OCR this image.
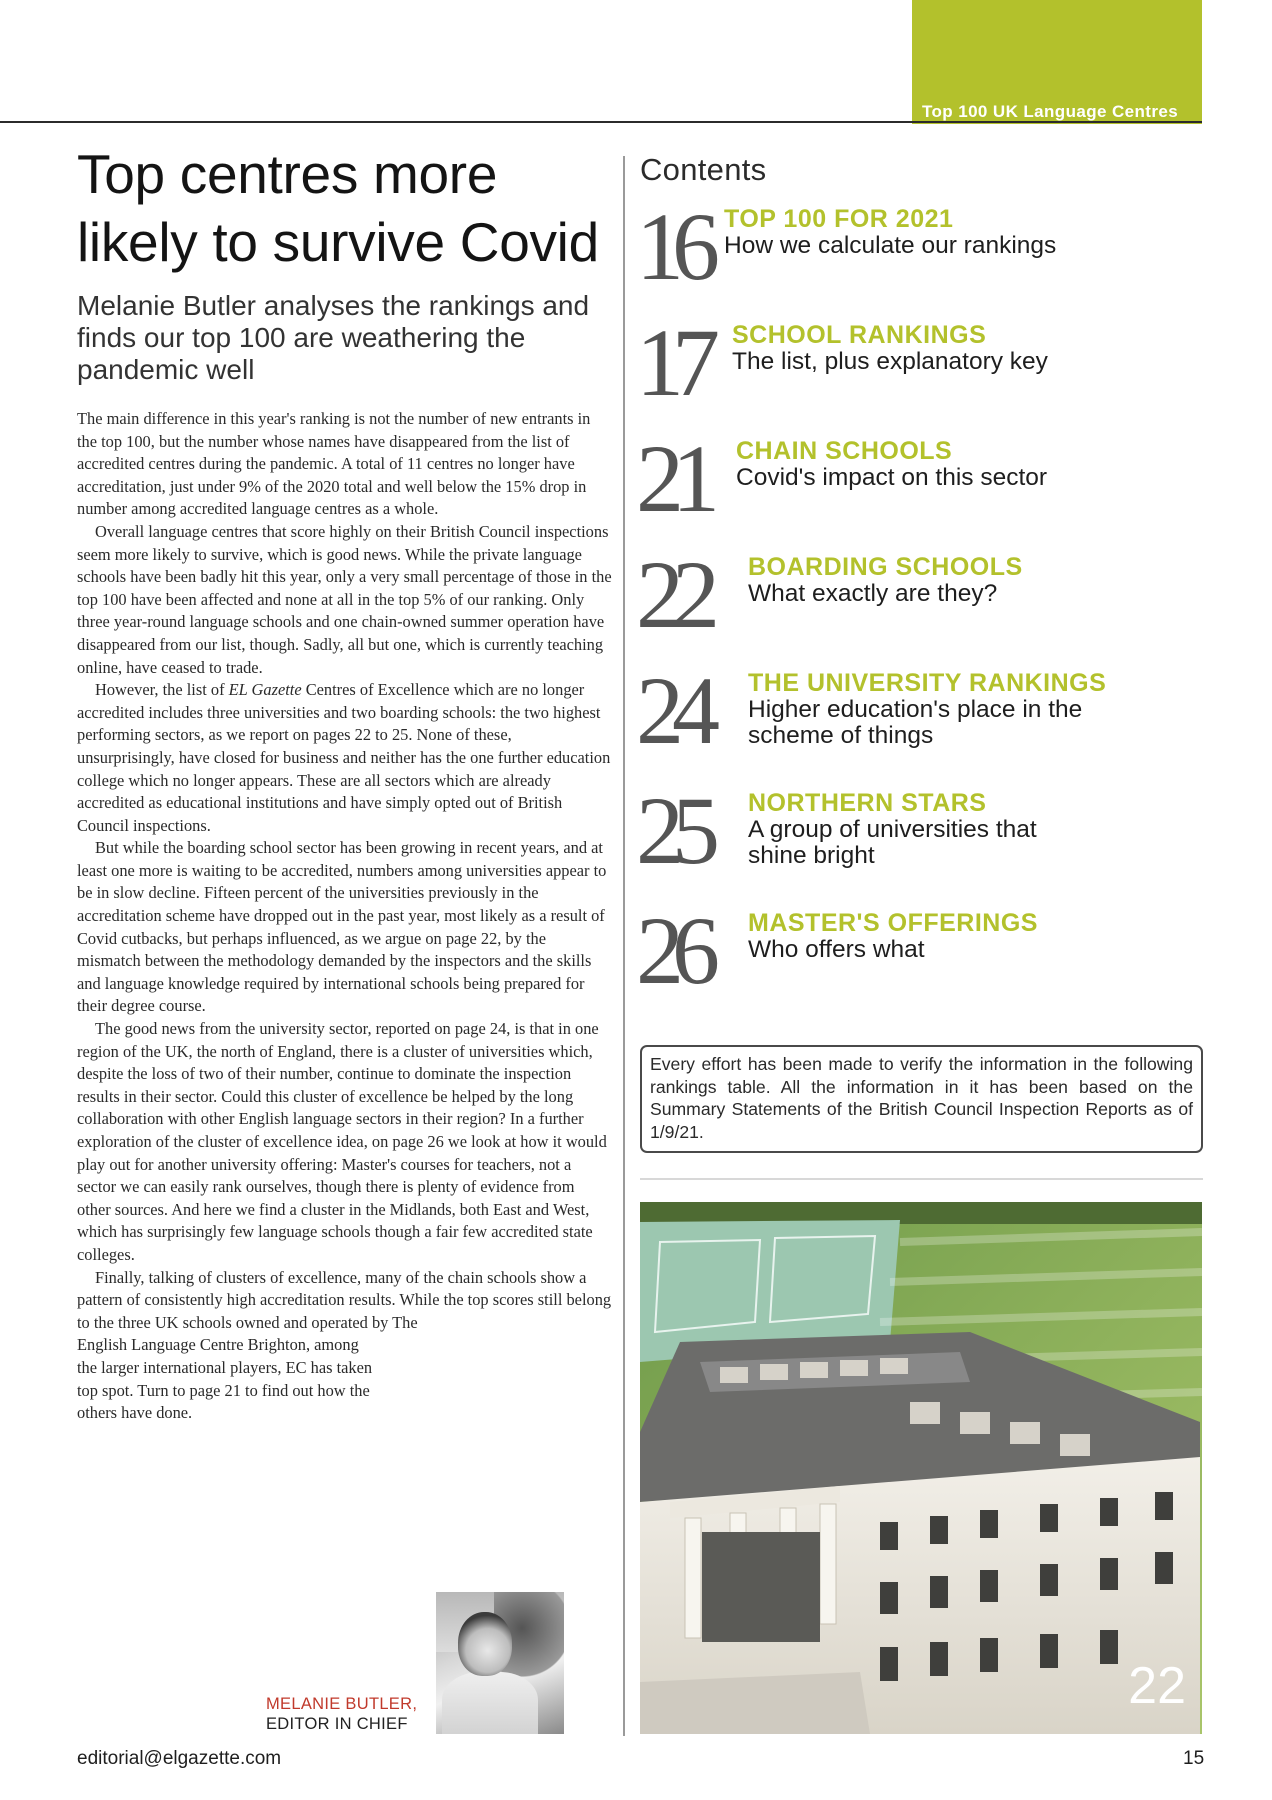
Top 100 UK Language Centres
Top centres more likely to survive Covid
Melanie Butler analyses the rankings and finds our top 100 are weathering the pandemic well

The main difference in this year's ranking is not the number of new entrants in the top 100, but the number whose names have disappeared from the list of accredited centres during the pandemic. A total of 11 centres no longer have accreditation, just under 9% of the 2020 total and well below the 15% drop in number among accredited language centres as a whole.

Overall language centres that score highly on their British Council inspections seem more likely to survive, which is good news. While the private language schools have been badly hit this year, only a very small percentage of those in the top 100 have been affected and none at all in the top 5% of our ranking. Only three year-round language schools and one chain-owned summer operation have disappeared from our list, though. Sadly, all but one, which is currently teaching online, have ceased to trade.

However, the list of EL Gazette Centres of Excellence which are no longer accredited includes three universities and two boarding schools: the two highest performing sectors, as we report on pages 22 to 25. None of these, unsurprisingly, have closed for business and neither has the one further education college which no longer appears. These are all sectors which are already accredited as educational institutions and have simply opted out of British Council inspections.

But while the boarding school sector has been growing in recent years, and at least one more is waiting to be accredited, numbers among universities appear to be in slow decline. Fifteen percent of the universities previously in the accreditation scheme have dropped out in the past year, most likely as a result of Covid cutbacks, but perhaps influenced, as we argue on page 22, by the mismatch between the methodology demanded by the inspectors and the skills and language knowledge required by international schools being prepared for their degree course.

The good news from the university sector, reported on page 24, is that in one region of the UK, the north of England, there is a cluster of universities which, despite the loss of two of their number, continue to dominate the inspection results in their sector. Could this cluster of excellence be helped by the long collaboration with other English language sectors in their region? In a further exploration of the cluster of excellence idea, on page 26 we look at how it would play out for another university offering: Master's courses for teachers, not a sector we can easily rank ourselves, though there is plenty of evidence from other sources. And here we find a cluster in the Midlands, both East and West, which has surprisingly few language schools though a fair few accredited state colleges.

Finally, talking of clusters of excellence, many of the chain schools show a pattern of consistently high accreditation results. While the top scores still belong to the three UK schools owned and operated by The

English Language Centre Brighton, among the larger international players, EC has taken top spot. Turn to page 21 to find out how the others have done.

MELANIE BUTLER,
EDITOR IN CHIEF
Contents
16 TOP 100 FOR 2021
How we calculate our rankings
17 SCHOOL RANKINGS
The list, plus explanatory key
21 CHAIN SCHOOLS
Covid's impact on this sector
22 BOARDING SCHOOLS
What exactly are they?
24 THE UNIVERSITY RANKINGS
Higher education's place in the
scheme of things
25 NORTHERN STARS
A group of universities that
shine bright
26 MASTER'S OFFERINGS
Who offers what
Every effort has been made to verify the information in the following rankings table. All the information in it has been based on the Summary Statements of the British Council Inspection Reports as of 1/9/21.
22
editorial@elgazette.com	15
